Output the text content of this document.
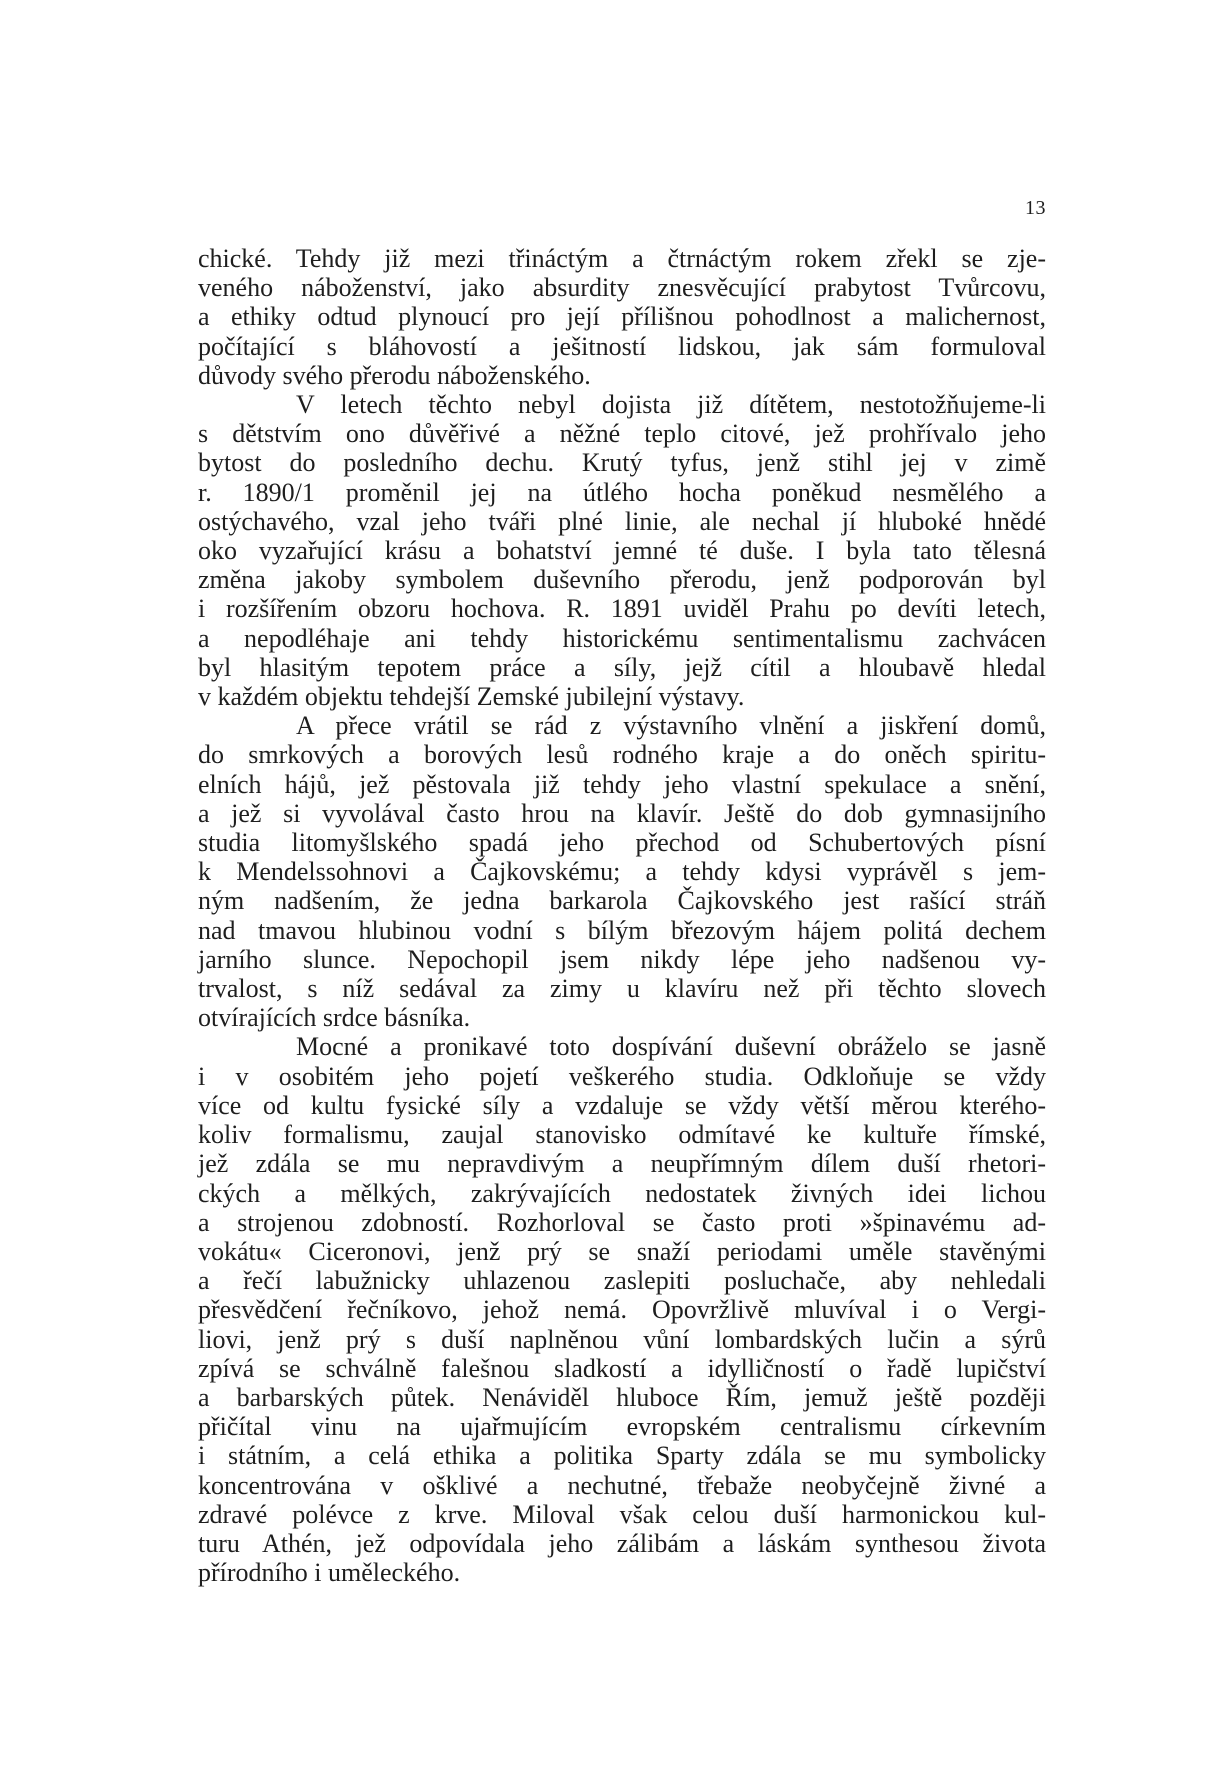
13
chické. Tehdy již mezi třináctým a čtrnáctým rokem zřekl se zje-
veného náboženství, jako absurdity znesvěcující prabytost Tvůrcovu,
a ethiky odtud plynoucí pro její přílišnou pohodlnost a malichernost,
počítající s bláhovostí a ješitností lidskou, jak sám formuloval
důvody svého přerodu náboženského.
V letech těchto nebyl dojista již dítětem, nestotožňujeme-li
s dětstvím ono důvěřivé a něžné teplo citové, jež prohřívalo jeho
bytost do posledního dechu. Krutý tyfus, jenž stihl jej v zimě
r. 1890/1 proměnil jej na útlého hocha poněkud nesmělého a
ostýchavého, vzal jeho tváři plné linie, ale nechal jí hluboké hnědé
oko vyzařující krásu a bohatství jemné té duše. I byla tato tělesná
změna jakoby symbolem duševního přerodu, jenž podporován byl
i rozšířením obzoru hochova. R. 1891 uviděl Prahu po devíti letech,
a nepodléhaje ani tehdy historickému sentimentalismu zachvácen
byl hlasitým tepotem práce a síly, jejž cítil a hloubavě hledal
v každém objektu tehdejší Zemské jubilejní výstavy.
A přece vrátil se rád z výstavního vlnění a jiskření domů,
do smrkových a borových lesů rodného kraje a do oněch spiritu-
elních hájů, jež pěstovala již tehdy jeho vlastní spekulace a snění,
a jež si vyvolával často hrou na klavír. Ještě do dob gymnasijního
studia litomyšlského spadá jeho přechod od Schubertových písní
k Mendelssohnovi a Čajkovskému; a tehdy kdysi vyprávěl s jem-
ným nadšením, že jedna barkarola Čajkovského jest rašící stráň
nad tmavou hlubinou vodní s bílým březovým hájem politá dechem
jarního slunce. Nepochopil jsem nikdy lépe jeho nadšenou vy-
trvalost, s níž sedával za zimy u klavíru než při těchto slovech
otvírajících srdce básníka.
Mocné a pronikavé toto dospívání duševní obráželo se jasně
i v osobitém jeho pojetí veškerého studia. Odkloňuje se vždy
více od kultu fysické síly a vzdaluje se vždy větší měrou kteréhо-
koliv formalismu, zaujal stanovisko odmítavé ke kultuře římské,
jež zdála se mu nepravdivým a neupřímným dílem duší rhetori-
ckých a mělkých, zakrývajících nedostatek živných idei lichou
a strojenou zdobností. Rozhorloval se často proti »špinavému ad-
vokátu« Ciceronovi, jenž prý se snaží periodami uměle stavěnými
a řečí labužnicky uhlazenou zaslepiti posluchače, aby nehledali
přesvědčení řečníkovo, jehož nemá. Opovržlivě mluvíval i o Vergi-
liovi, jenž prý s duší naplněnou vůní lombardských lučin a sýrů
zpívá se schválně falešnou sladkostí a idylličností o řadě lupičství
a barbarských půtek. Nenáviděl hluboce Řím, jemuž ještě později
přičítal vinu na ujařmujícím evropském centralismu církevním
i státním, a celá ethika a politika Sparty zdála se mu symbolicky
koncentrována v ošklivé a nechutné, třebaže neobyčejně živné a
zdravé polévce z krve. Miloval však celou duší harmonickou kul-
turu Athén, jež odpovídala jeho zálibám a láskám synthesou života
přírodního i uměleckého.
